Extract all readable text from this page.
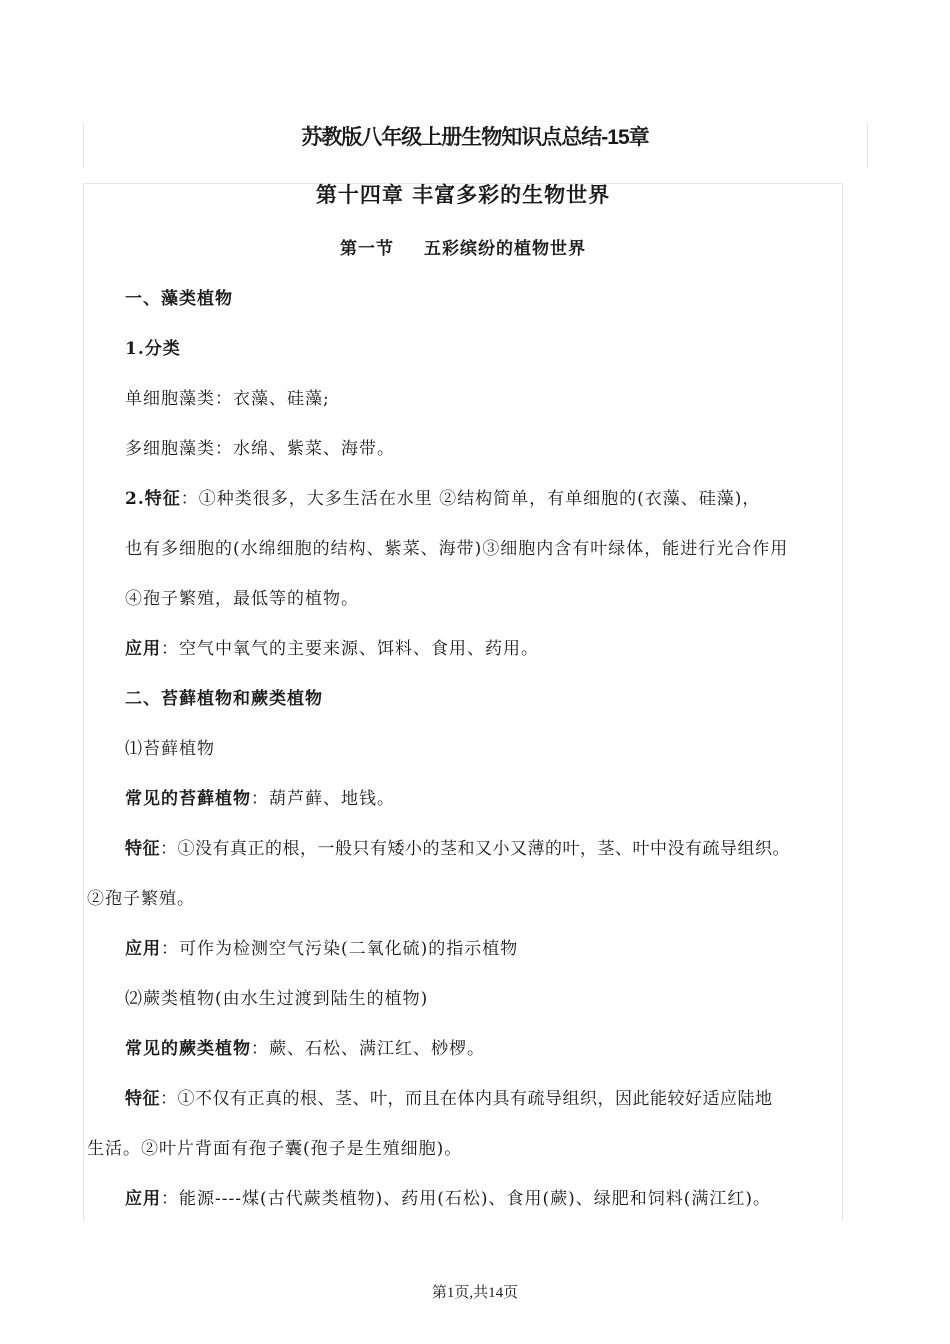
苏教版八年级上册生物知识点总结-15章
第十四章 丰富多彩的生物世界
第一节 五彩缤纷的植物世界
一、藻类植物
1.分类
单细胞藻类：衣藻、硅藻;
多细胞藻类：水绵、紫菜、海带。
2.特征：①种类很多，大多生活在水里 ②结构简单，有单细胞的(衣藻、硅藻)，
也有多细胞的(水绵细胞的结构、紫菜、海带)③细胞内含有叶绿体，能进行光合作用
④孢子繁殖，最低等的植物。
应用：空气中氧气的主要来源、饵料、食用、药用。
二、苔藓植物和蕨类植物
⑴苔藓植物
常见的苔藓植物：葫芦藓、地钱。
特征：①没有真正的根，一般只有矮小的茎和又小又薄的叶，茎、叶中没有疏导组织。
②孢子繁殖。
应用：可作为检测空气污染(二氧化硫)的指示植物
⑵蕨类植物(由水生过渡到陆生的植物)
常见的蕨类植物：蕨、石松、满江红、桫椤。
特征：①不仅有正真的根、茎、叶，而且在体内具有疏导组织，因此能较好适应陆地
生活。②叶片背面有孢子囊(孢子是生殖细胞)。
应用：能源----煤(古代蕨类植物)、药用(石松)、食用(蕨)、绿肥和饲料(满江红)。
第1页,共14页
